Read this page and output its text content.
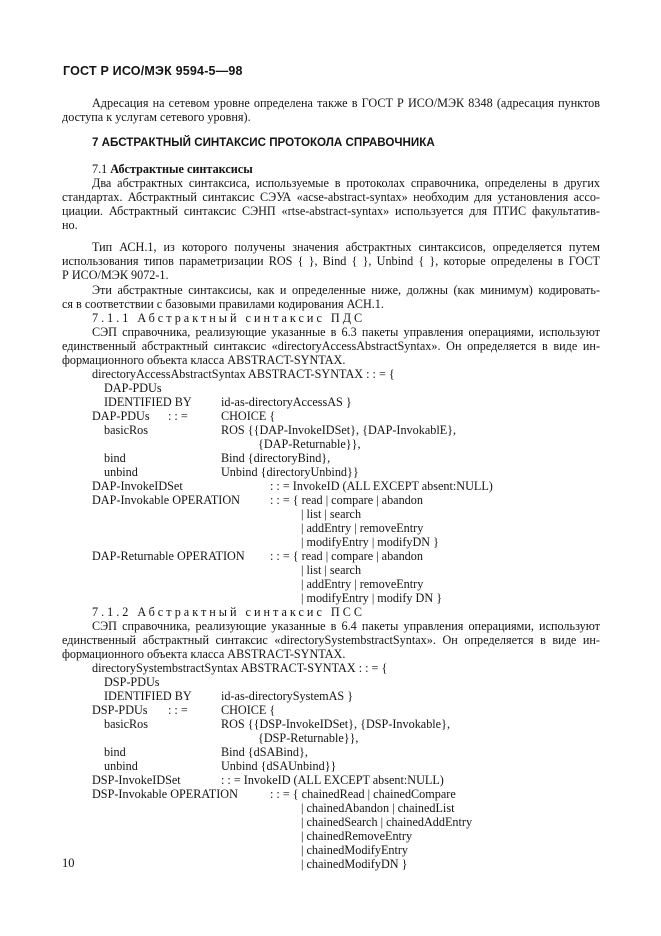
ГОСТ Р ИСО/МЭК 9594-5—98
Адресация на сетевом уровне определена также в ГОСТ Р ИСО/МЭК 8348 (адресация пунктов
доступа к услугам сетевого уровня).
7 АБСТРАКТНЫЙ СИНТАКСИС ПРОТОКОЛА СПРАВОЧНИКА
7.1 Абстрактные синтаксисы
Два абстрактных синтаксиса, используемые в протоколах справочника, определены в других
стандартах. Абстрактный синтаксис СЭУА «acse-abstract-syntax» необходим для установления ассо-
циации. Абстрактный синтаксис СЭНП «rtse-abstract-syntax» используется для ПТИС факультатив-
но.
Тип АСН.1, из которого получены значения абстрактных синтаксисов, определяется путем
использования типов параметризации ROS { }, Bind { }, Unbind { }, которые определены в ГОСТ
Р ИСО/МЭК 9072-1.
Эти абстрактные синтаксисы, как и определенные ниже, должны (как минимум) кодировать-
ся в соответствии с базовыми правилами кодирования АСН.1.
7.1.1 Абстрактный синтаксис ПДС
СЭП справочника, реализующие указанные в 6.3 пакеты управления операциями, используют
единственный абстрактный синтаксис «directoryAccessAbstractSyntax». Он определяется в виде ин-
формационного объекта класса ABSTRACT-SYNTAX.
directoryAccessAbstractSyntax ABSTRACT-SYNTAX : : = {
DAP-PDUs
IDENTIFIED BY id-as-directoryAccessAS }
DAP-PDUs : : =	CHOICE {
basicRos	ROS {{DAP-InvokeIDSet}, {DAP-InvokablE},
{DAP-Returnable}},
bind	Bind {directoryBind},
unbind	Unbind {directoryUnbind}}
DAP-InvokeIDSet	: : = InvokeID (ALL EXCEPT absent:NULL)
DAP-Invokable OPERATION : : = { read | compare | abandon
| list | search
| addEntry | removeEntry
| modifyEntry | modifyDN }
DAP-Returnable OPERATION : : = { read | compare | abandon
| list | search
| addEntry | removeEntry
| modifyEntry | modify DN }
7.1.2 Абстрактный синтаксис ПСС
СЭП справочника, реализующие указанные в 6.4 пакеты управления операциями, используют
единственный абстрактный синтаксис «directorySystembstractSyntax». Он определяется в виде ин-
формационного объекта класса ABSTRACT-SYNTAX.
directorySystembstractSyntax ABSTRACT-SYNTAX : : = {
DSP-PDUs
IDENTIFIED BY id-as-directorySystemAS }
DSP-PDUs : : =	CHOICE {
basicRos	ROS {{DSP-InvokeIDSet}, {DSP-Invokable},
{DSP-Returnable}},
bind	Bind {dSABind},
unbind	Unbind {dSAUnbind}}
DSP-InvokeIDSet	: : = InvokeID (ALL EXCEPT absent:NULL)
DSP-Invokable OPERATION	: : = { chainedRead | chainedCompare
| chainedAbandon | chainedList
| chainedSearch | chainedAddEntry
| chainedRemoveEntry
| chainedModifyEntry
| chainedModifyDN }
10
